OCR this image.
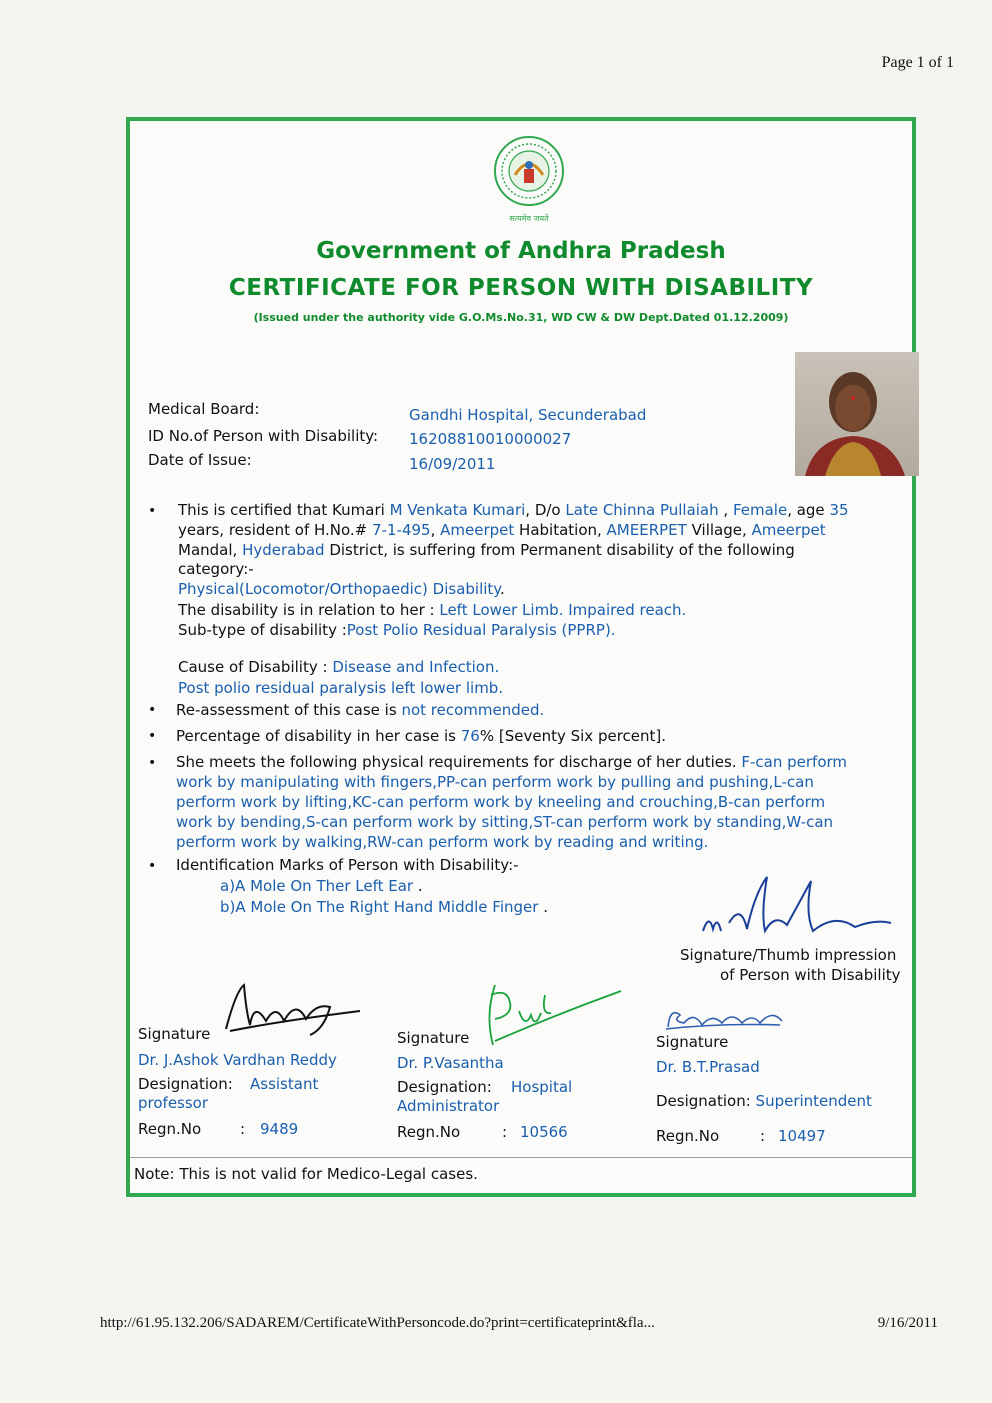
Page 1 of 1
सत्यमेव जयते
Government of Andhra Pradesh
CERTIFICATE FOR PERSON WITH DISABILITY
(Issued under the authority vide G.O.Ms.No.31, WD CW & DW Dept.Dated 01.12.2009)
Medical Board:	Gandhi Hospital, Secunderabad
ID No.of Person with Disability: 16208810010000027
Date of Issue:	16/09/2011
• This is certified that Kumari M Venkata Kumari, D/o Late Chinna Pullaiah , Female, age 35
years, resident of H.No.# 7-1-495, Ameerpet Habitation, AMEERPET Village, Ameerpet
Mandal, Hyderabad District, is suffering from Permanent disability of the following
category:-
Physical(Locomotor/Orthopaedic) Disability.
The disability is in relation to her : Left Lower Limb. Impaired reach.
Sub-type of disability :Post Polio Residual Paralysis (PPRP).
Cause of Disability : Disease and Infection.
Post polio residual paralysis left lower limb.
• Re-assessment of this case is not recommended.
• Percentage of disability in her case is 76% [Seventy Six percent].
• She meets the following physical requirements for discharge of her duties. F-can perform
work by manipulating with fingers,PP-can perform work by pulling and pushing,L-can
perform work by lifting,KC-can perform work by kneeling and crouching,B-can perform
work by bending,S-can perform work by sitting,ST-can perform work by standing,W-can
perform work by walking,RW-can perform work by reading and writing.
• Identification Marks of Person with Disability:-
a)A Mole On Ther Left Ear .
b)A Mole On The Right Hand Middle Finger .
Signature/Thumb impression
of Person with Disability
Signature
Dr. J.Ashok Vardhan Reddy
Designation:	Assistant professor
Regn.No	: 9489
Signature
Dr. P.Vasantha
Designation:	Hospital Administrator
Regn.No	: 10566
Signature
Dr. B.T.Prasad
Designation: Superintendent
Regn.No	: 10497
Note: This is not valid for Medico-Legal cases.
http://61.95.132.206/SADAREM/CertificateWithPersoncode.do?print=certificateprint&fla...	9/16/2011
